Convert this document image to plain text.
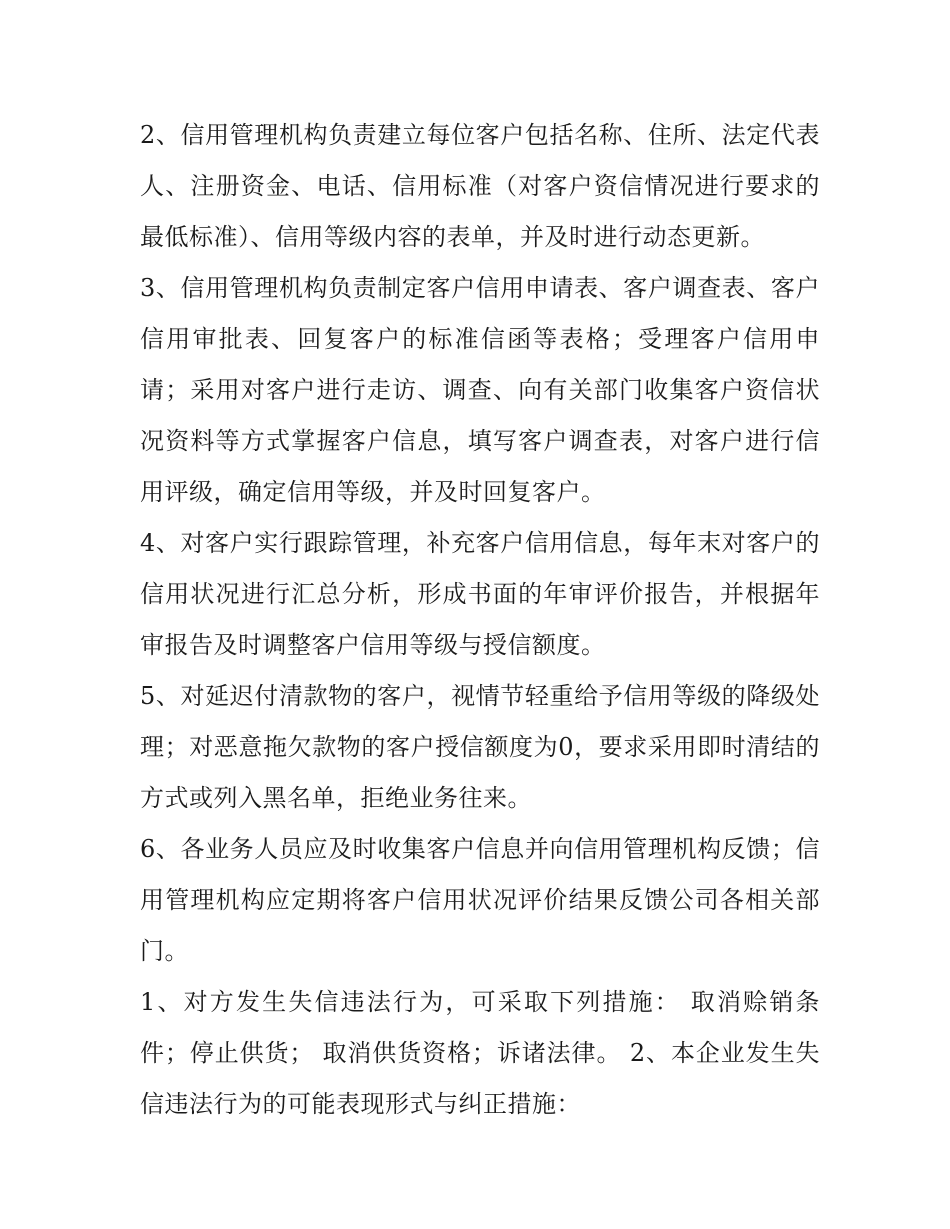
2、信用管理机构负责建立每位客户包括名称、住所、法定代表人、注册资金、电话、信用标准（对客户资信情况进行要求的最低标准）、信用等级内容的表单，并及时进行动态更新。

3、信用管理机构负责制定客户信用申请表、客户调查表、客户信用审批表、回复客户的标准信函等表格；受理客户信用申请；采用对客户进行走访、调查、向有关部门收集客户资信状况资料等方式掌握客户信息，填写客户调查表，对客户进行信用评级，确定信用等级，并及时回复客户。

4、对客户实行跟踪管理，补充客户信用信息，每年末对客户的信用状况进行汇总分析，形成书面的年审评价报告，并根据年审报告及时调整客户信用等级与授信额度。

5、对延迟付清款物的客户，视情节轻重给予信用等级的降级处理；对恶意拖欠款物的客户授信额度为0，要求采用即时清结的方式或列入黑名单，拒绝业务往来。

6、各业务人员应及时收集客户信息并向信用管理机构反馈；信用管理机构应定期将客户信用状况评价结果反馈公司各相关部门。

1、对方发生失信违法行为，可采取下列措施： 取消赊销条件；停止供货； 取消供货资格；诉诸法律。 2、本企业发生失信违法行为的可能表现形式与纠正措施：
